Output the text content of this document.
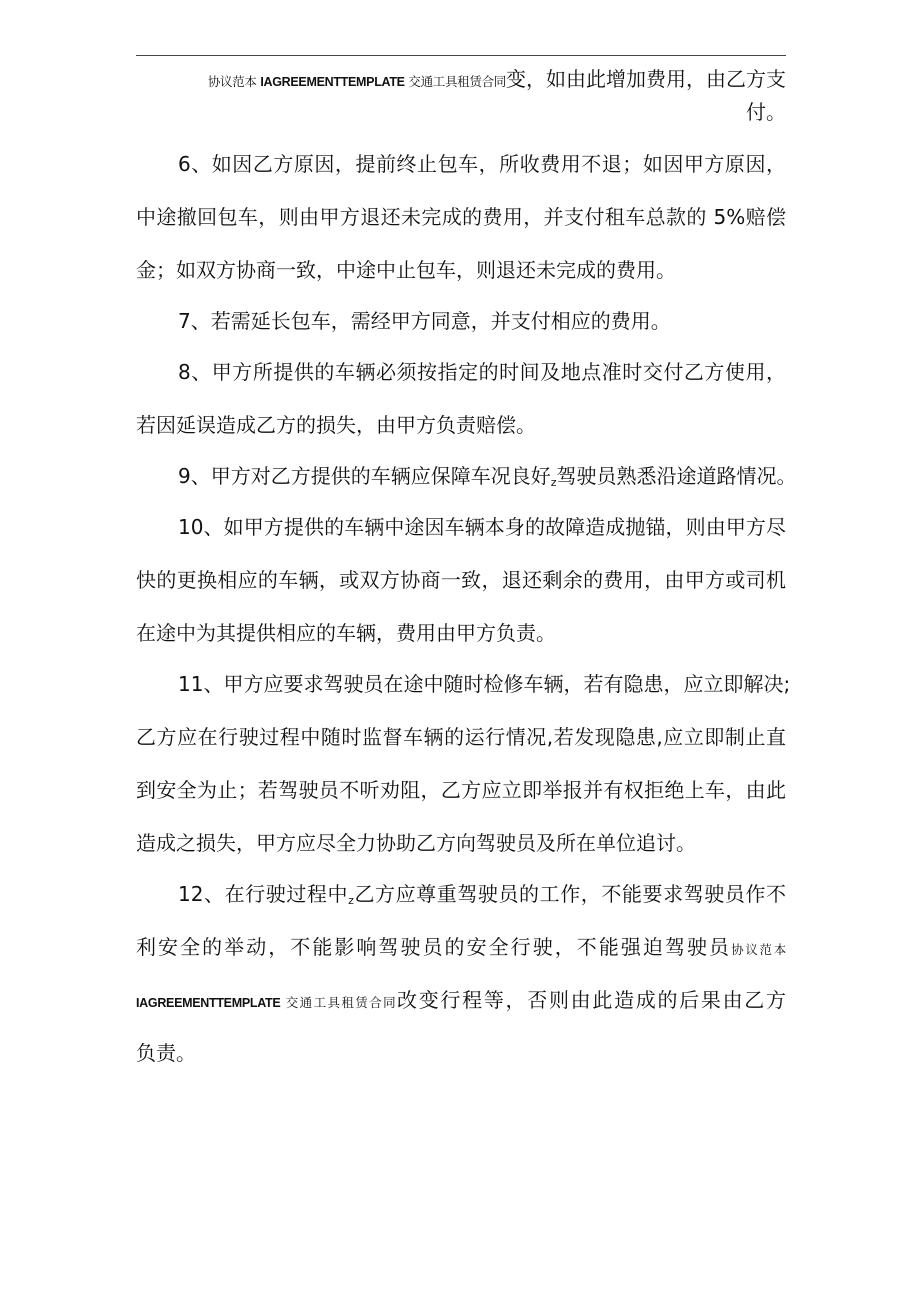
协议范本 IAGREEMENTTEMPLATE 交通工具租赁合同变，如由此增加费用，由乙方支
付。
6、如因乙方原因，提前终止包车，所收费用不退；如因甲方原因，
中途撤回包车，则由甲方退还未完成的费用，并支付租车总款的 5%赔偿
金；如双方协商一致，中途中止包车，则退还未完成的费用。
7、若需延长包车，需经甲方同意，并支付相应的费用。
8、甲方所提供的车辆必须按指定的时间及地点准时交付乙方使用，
若因延误造成乙方的损失，由甲方负责赔偿。
9、甲方对乙方提供的车辆应保障车况良好$_z$驾驶员熟悉沿途道路情况。
10、如甲方提供的车辆中途因车辆本身的故障造成抛锚，则由甲方尽
快的更换相应的车辆，或双方协商一致，退还剩余的费用，由甲方或司机
在途中为其提供相应的车辆，费用由甲方负责。
11、甲方应要求驾驶员在途中随时检修车辆，若有隐患，应立即解决;
乙方应在行驶过程中随时监督车辆的运行情况,若发现隐患,应立即制止直
到安全为止；若驾驶员不听劝阻，乙方应立即举报并有权拒绝上车，由此
造成之损失，甲方应尽全力协助乙方向驾驶员及所在单位追讨。
12、在行驶过程中$_z$乙方应尊重驾驶员的工作，不能要求驾驶员作不
利安全的举动，不能影响驾驶员的安全行驶，不能强迫驾驶员协议范本
IAGREEMENTTEMPLATE 交通工具租赁合同改变行程等，否则由此造成的后果由乙方
负责。
